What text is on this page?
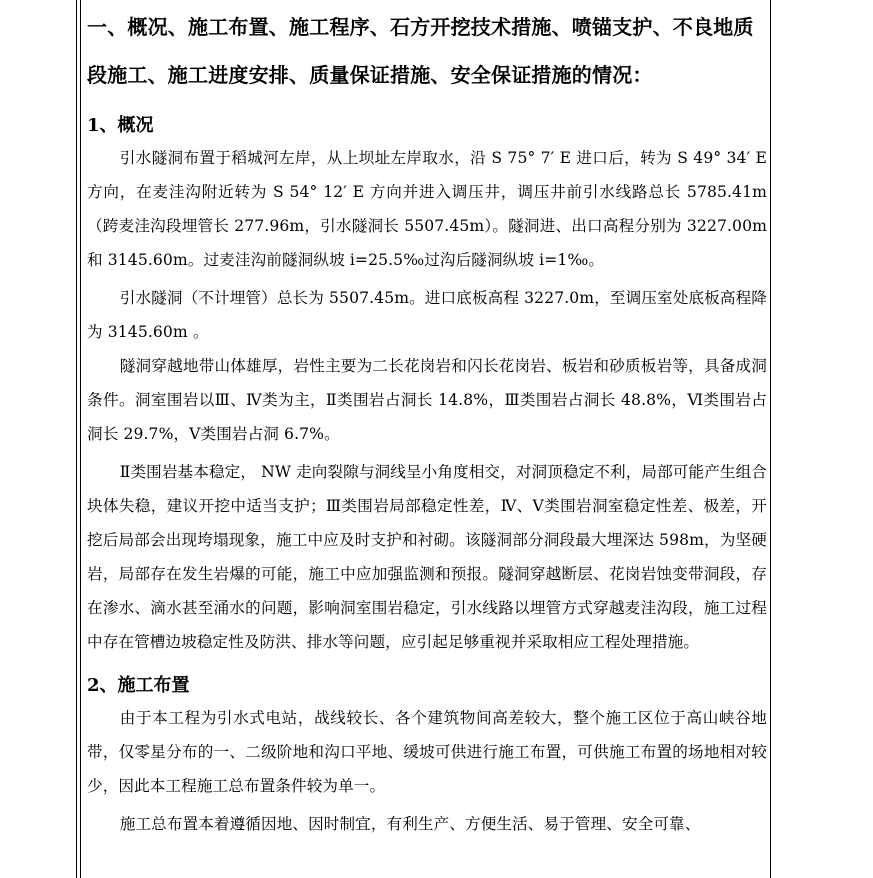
一、概况、施工布置、施工程序、石方开挖技术措施、喷锚支护、不良地质段施工、施工进度安排、质量保证措施、安全保证措施的情况：
1、概况

引水隧洞布置于稻城河左岸，从上坝址左岸取水，沿 S 75° 7′ E 进口后，转为 S 49° 34′ E 方向，在麦洼沟附近转为 S 54° 12′ E 方向并进入调压井，调压井前引水线路总长 5785.41m（跨麦洼沟段埋管长 277.96m，引水隧洞长 5507.45m）。隧洞进、出口高程分别为 3227.00m 和 3145.60m。过麦洼沟前隧洞纵坡 i=25.5‰过沟后隧洞纵坡 i=1‰。

引水隧洞（不计埋管）总长为 5507.45m。进口底板高程 3227.0m，至调压室处底板高程降为 3145.60m 。

隧洞穿越地带山体雄厚，岩性主要为二长花岗岩和闪长花岗岩、板岩和砂质板岩等，具备成洞条件。洞室围岩以Ⅲ、Ⅳ类为主，Ⅱ类围岩占洞长 14.8%，Ⅲ类围岩占洞长 48.8%，Ⅵ类围岩占洞长 29.7%，Ⅴ类围岩占洞 6.7%。

Ⅱ类围岩基本稳定， NW 走向裂隙与洞线呈小角度相交，对洞顶稳定不利，局部可能产生组合块体失稳，建议开挖中适当支护；Ⅲ类围岩局部稳定性差，Ⅳ、Ⅴ类围岩洞室稳定性差、极差，开挖后局部会出现垮塌现象，施工中应及时支护和衬砌。该隧洞部分洞段最大埋深达 598m，为坚硬岩，局部存在发生岩爆的可能，施工中应加强监测和预报。隧洞穿越断层、花岗岩蚀变带洞段，存在渗水、滴水甚至涌水的问题，影响洞室围岩稳定，引水线路以埋管方式穿越麦洼沟段，施工过程中存在管槽边坡稳定性及防洪、排水等问题，应引起足够重视并采取相应工程处理措施。

2、施工布置

由于本工程为引水式电站，战线较长、各个建筑物间高差较大，整个施工区位于高山峡谷地带，仅零星分布的一、二级阶地和沟口平地、缓坡可供进行施工布置，可供施工布置的场地相对较少，因此本工程施工总布置条件较为单一。

施工总布置本着遵循因地、因时制宜，有利生产、方便生活、易于管理、安全可靠、
